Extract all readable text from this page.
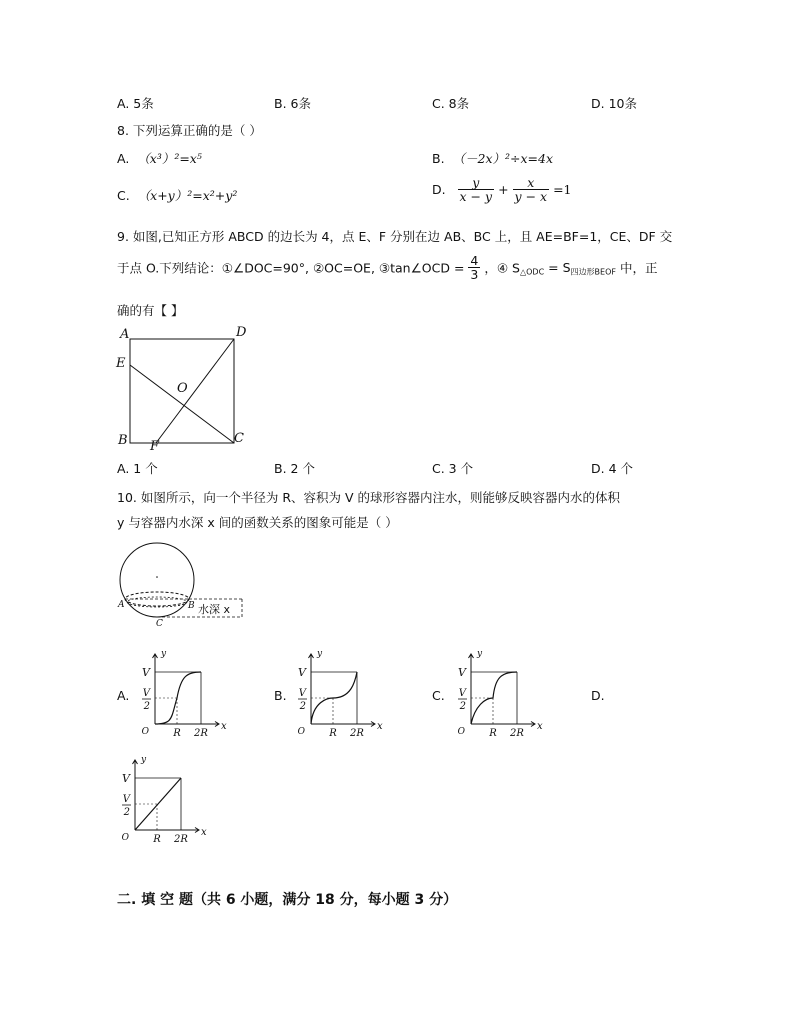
A. 5条	B. 6条	C. 8条	D. 10条
8. 下列运算正确的是（ ）
A. （x³）²=x⁵	B. （－2x）²÷x=4x
C. （x+y）²=x²+y²	D. $\frac{y}{x - y} + \frac{x}{y - x} =1$
9. 如图,已知正方形 ABCD 的边长为 4，点 E、F 分别在边 AB、BC 上，且 AE=BF=1，CE、DF 交
于点 O.下列结论：①∠DOC=90°, ②OC=OE, ③tan∠OCD = $\frac{4}{3}$ ，④ $S_{\triangle ODC} = S_{四边形BEOF}$ 中，正
确的有【 】
A	D
E
O
B F
C
A. 1 个	B. 2 个	C. 3 个	D. 4 个
10. 如图所示，向一个半径为 R、容积为 V 的球形容器内注水，则能够反映容器内水的体积
y 与容器内水深 x 间的函数关系的图象可能是（ ）
A	B
C
水深 x
A.	B.	C.	D.
y
x
V
V
2
O R 2R
y
x
V
V
2
O R 2R
y
x
V
V
2
O R 2R
y
x
V
V
2
O R 2R
二. 填 空 题（共 6 小题，满分 18 分，每小题 3 分）
